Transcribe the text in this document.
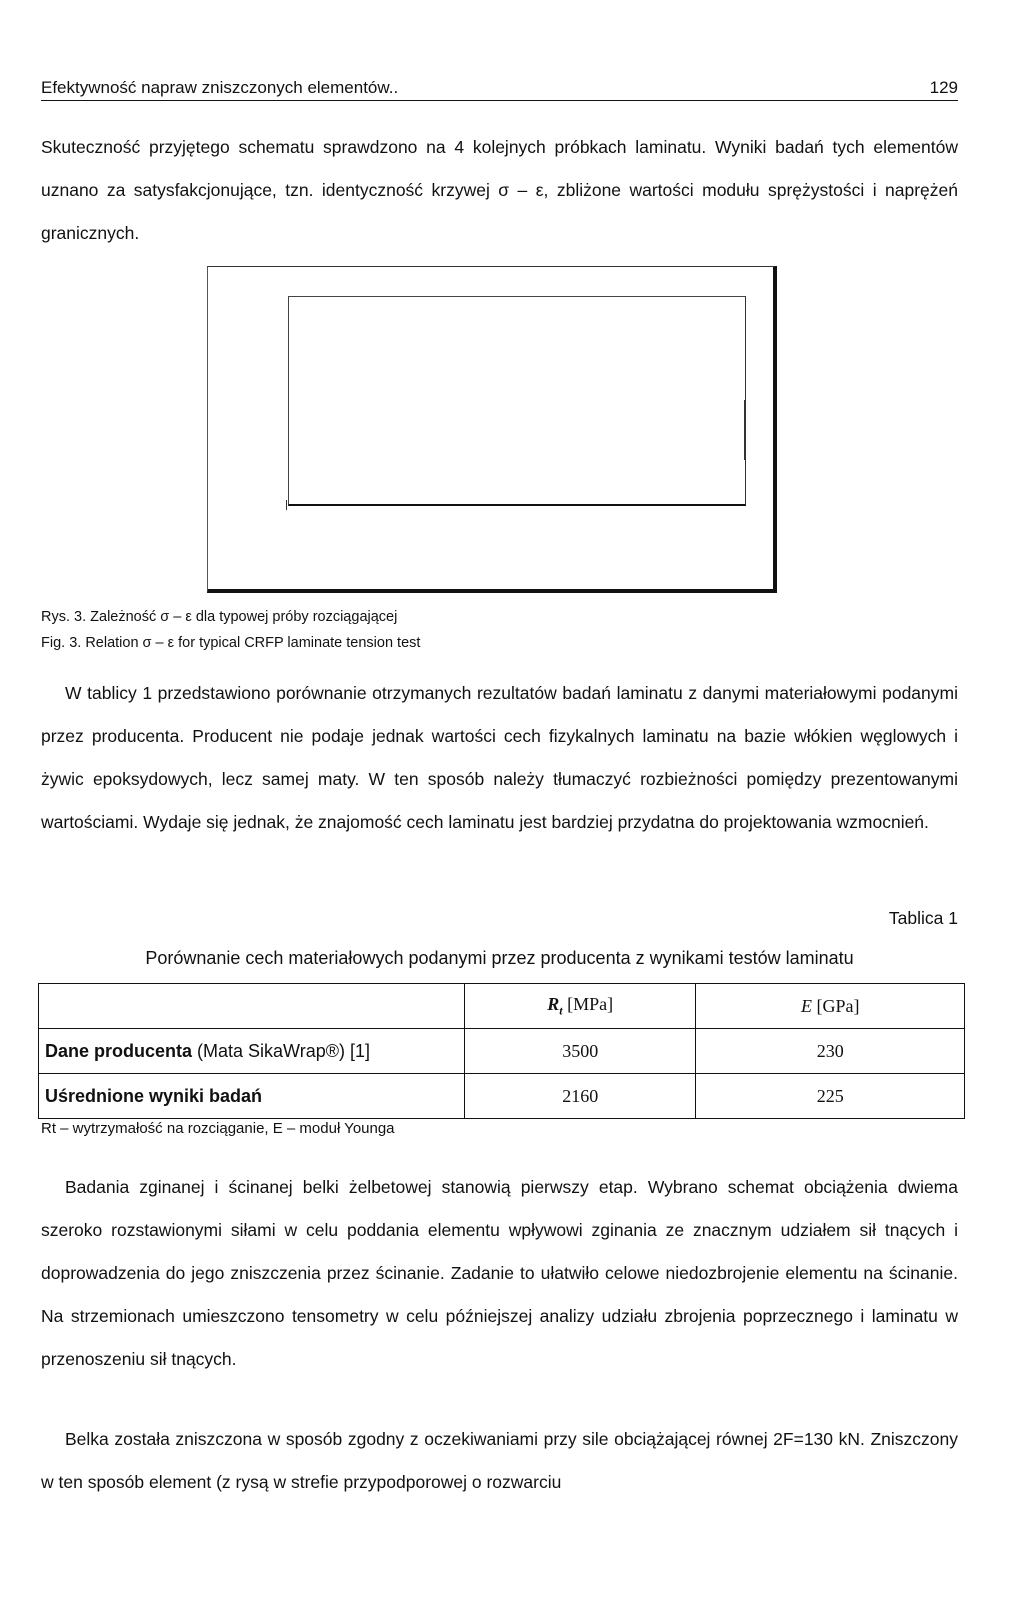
Efektywność napraw zniszczonych elementów..	129

Skuteczność przyjętego schematu sprawdzono na 4 kolejnych próbkach laminatu. Wyniki badań tych elementów uznano za satysfakcjonujące, tzn. identyczność krzywej σ – ε, zbliżone wartości modułu sprężystości i naprężeń granicznych.

Rys. 3. Zależność σ – ε dla typowej próby rozciągającej
Fig. 3. Relation σ – ε for typical CRFP laminate tension test

W tablicy 1 przedstawiono porównanie otrzymanych rezultatów badań laminatu z danymi materiałowymi podanymi przez producenta. Producent nie podaje jednak wartości cech fizykalnych laminatu na bazie włókien węglowych i żywic epoksydowych, lecz samej maty. W ten sposób należy tłumaczyć rozbieżności pomiędzy prezentowanymi wartościami. Wydaje się jednak, że znajomość cech laminatu jest bardziej przydatna do projektowania wzmocnień.

Tablica 1
Porównanie cech materiałowych podanymi przez producenta z wynikami testów laminatu
	$R_t$ [MPa]	E [GPa]
Dane producenta (Mata SikaWrap®) [1]	3500	230
Uśrednione wyniki badań	2160	225
Rt – wytrzymałość na rozciąganie, E – moduł Younga

Badania zginanej i ścinanej belki żelbetowej stanowią pierwszy etap. Wybrano schemat obciążenia dwiema szeroko rozstawionymi siłami w celu poddania elementu wpływowi zginania ze znacznym udziałem sił tnących i doprowadzenia do jego zniszczenia przez ścinanie. Zadanie to ułatwiło celowe niedozbrojenie elementu na ścinanie. Na strzemionach umieszczono tensometry w celu późniejszej analizy udziału zbrojenia poprzecznego i laminatu w przenoszeniu sił tnących.

Belka została zniszczona w sposób zgodny z oczekiwaniami przy sile obciążającej równej 2F=130 kN. Zniszczony w ten sposób element (z rysą w strefie przypodporowej o rozwarciu
